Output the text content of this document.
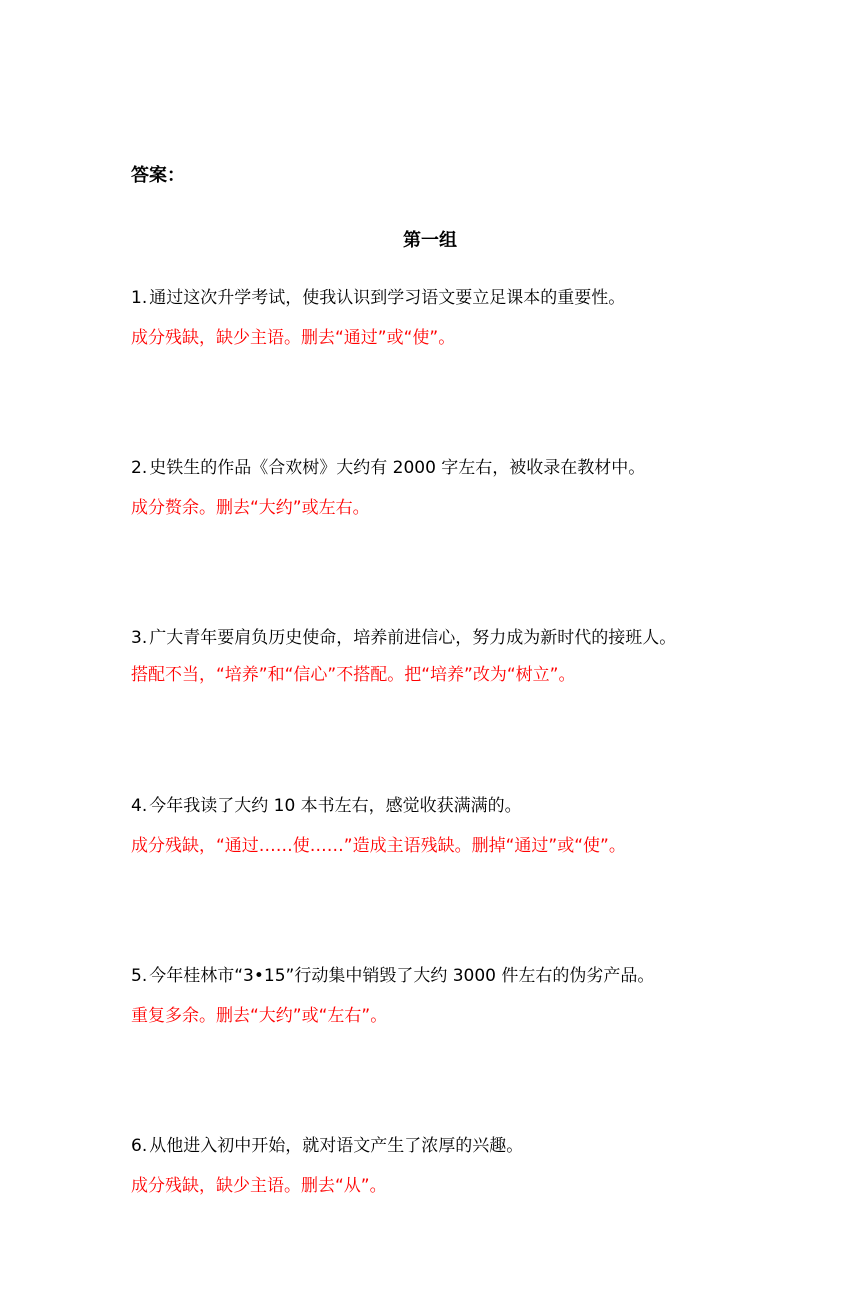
答案：
第一组

1. 通过这次升学考试，使我认识到学习语文要立足课本的重要性。

成分残缺，缺少主语。删去“通过”或“使”。

2. 史铁生的作品《合欢树》大约有 2000 字左右，被收录在教材中。

成分赘余。删去“大约”或左右。

3. 广大青年要肩负历史使命，培养前进信心，努力成为新时代的接班人。

搭配不当，“培养”和“信心”不搭配。把“培养”改为“树立”。

4. 今年我读了大约 10 本书左右，感觉收获满满的。

成分残缺，“通过……使……”造成主语残缺。删掉“通过”或“使”。

5. 今年桂林市“3•15”行动集中销毁了大约 3000 件左右的伪劣产品。

重复多余。删去“大约”或“左右”。

6. 从他进入初中开始，就对语文产生了浓厚的兴趣。

成分残缺，缺少主语。删去“从”。
